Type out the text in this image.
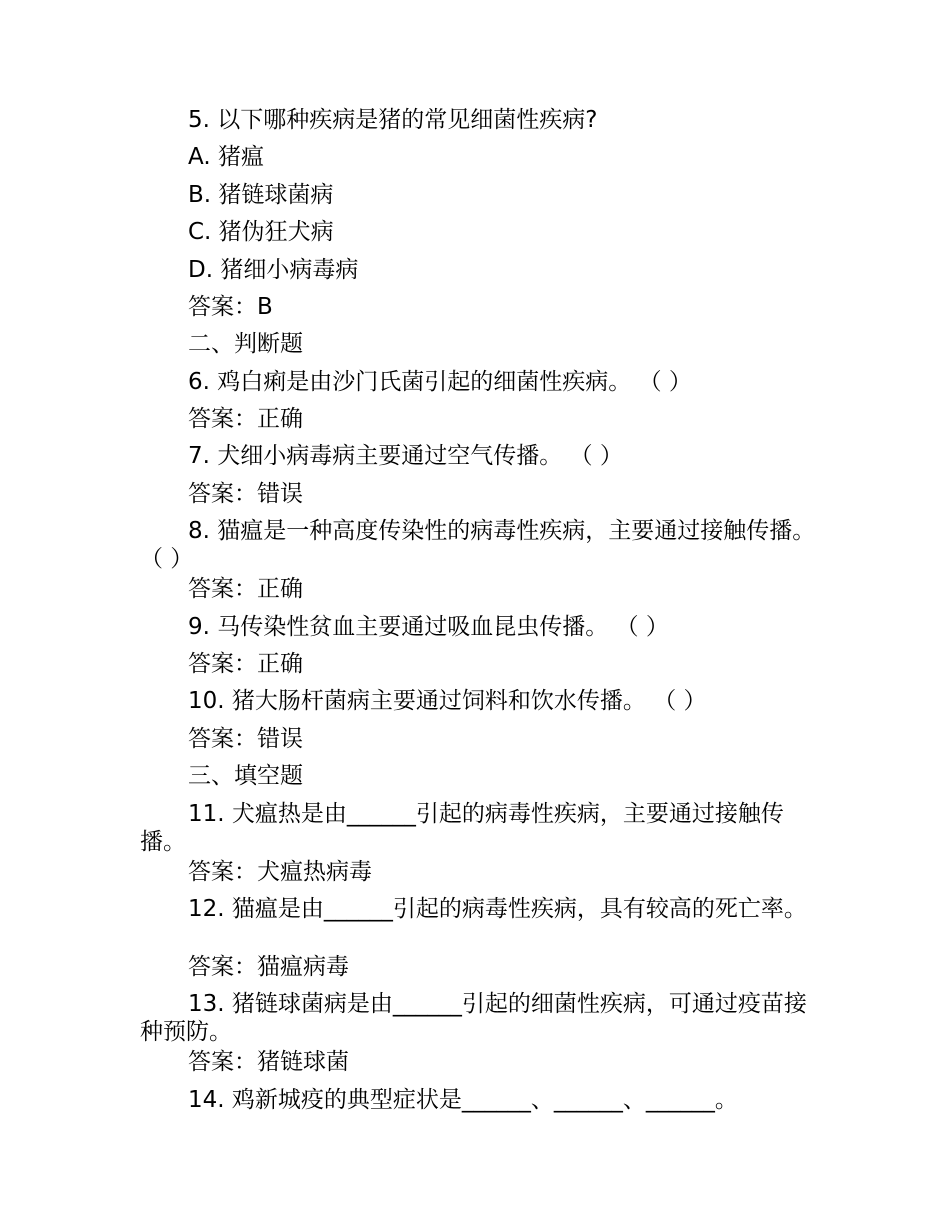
5. 以下哪种疾病是猪的常见细菌性疾病?
A. 猪瘟
B. 猪链球菌病
C. 猪伪狂犬病
D. 猪细小病毒病
答案：B
二、判断题
6. 鸡白痢是由沙门氏菌引起的细菌性疾病。 （ ）
答案：正确
7. 犬细小病毒病主要通过空气传播。 （ ）
答案：错误
8. 猫瘟是一种高度传染性的病毒性疾病，主要通过接触传播。 （ ）
答案：正确
9. 马传染性贫血主要通过吸血昆虫传播。 （ ）
答案：正确
10. 猪大肠杆菌病主要通过饲料和饮水传播。 （ ）
答案：错误
三、填空题
11. 犬瘟热是由______引起的病毒性疾病，主要通过接触传播。
答案：犬瘟热病毒
12. 猫瘟是由______引起的病毒性疾病，具有较高的死亡率。
答案：猫瘟病毒
13. 猪链球菌病是由______引起的细菌性疾病，可通过疫苗接种预防。
答案：猪链球菌
14. 鸡新城疫的典型症状是______、______、______。
